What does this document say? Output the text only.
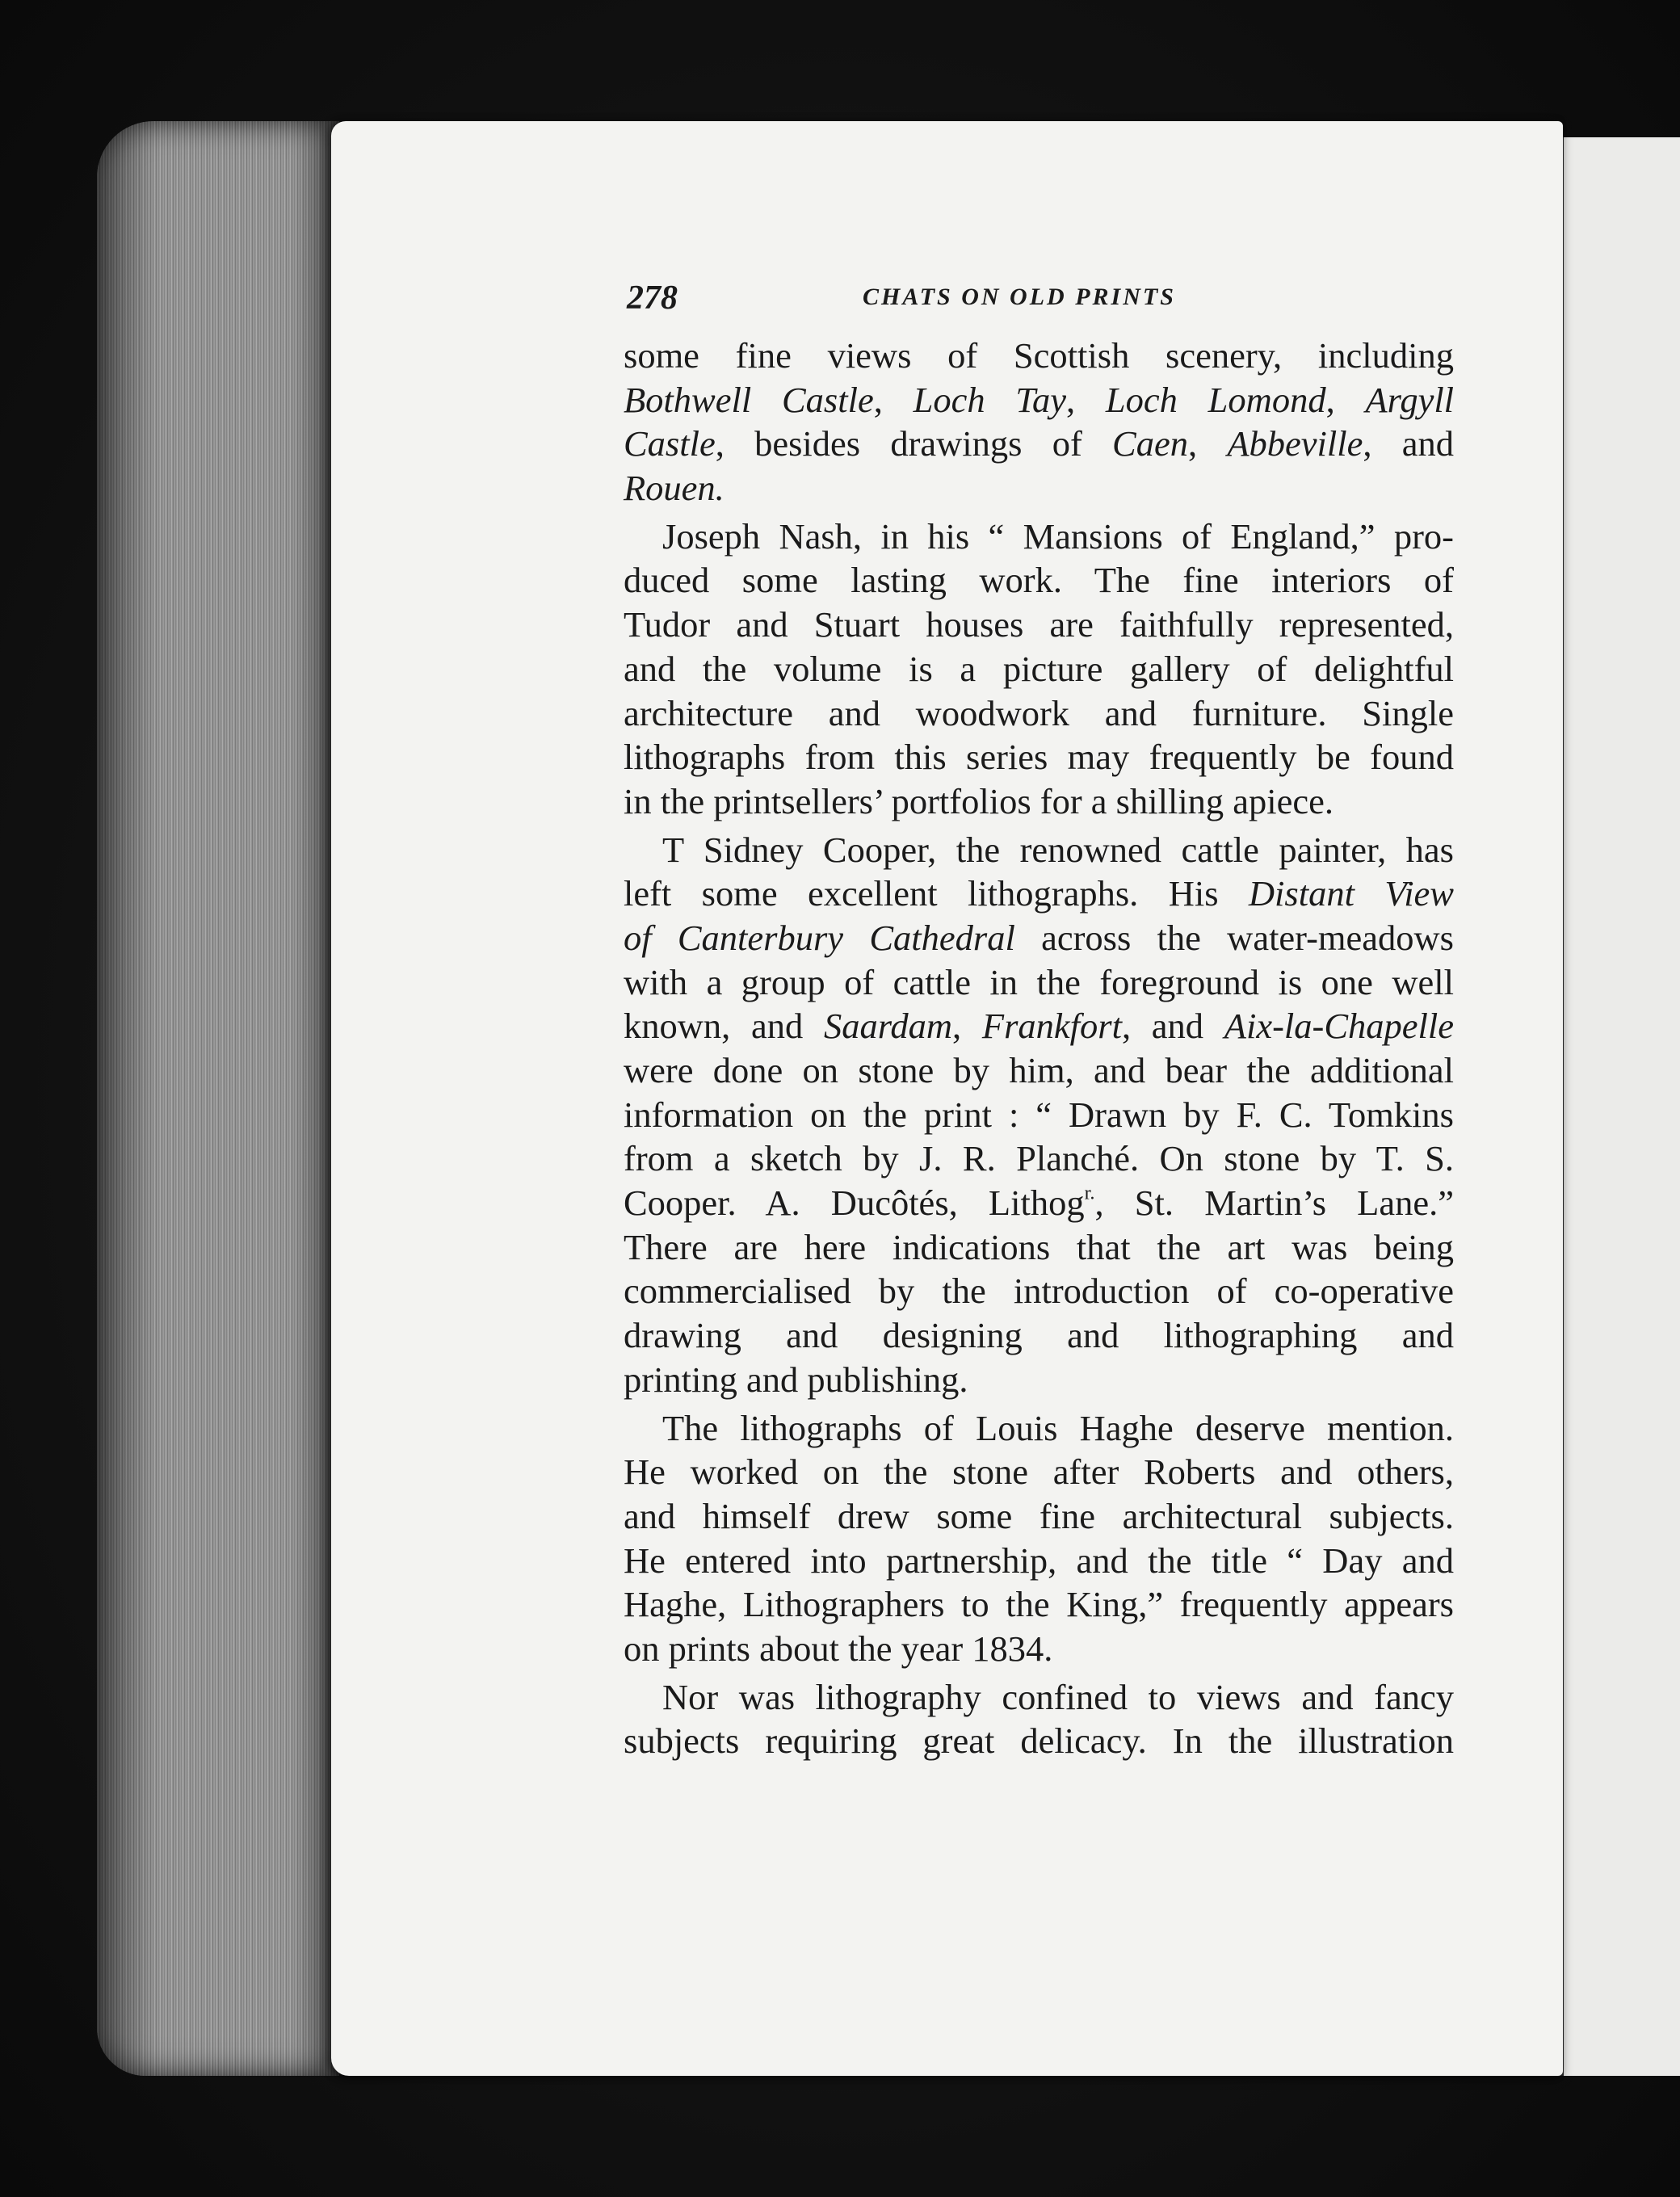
278	CHATS ON OLD PRINTS
some fine views of Scottish scenery, including
Bothwell Castle, Loch Tay, Loch Lomond, Argyll
Castle, besides drawings of Caen, Abbeville, and
Rouen.
Joseph Nash, in his “ Mansions of England,” pro-
duced some lasting work. The fine interiors of
Tudor and Stuart houses are faithfully represented,
and the volume is a picture gallery of delightful
architecture and woodwork and furniture. Single
lithographs from this series may frequently be found
in the printsellers’ portfolios for a shilling apiece.
T Sidney Cooper, the renowned cattle painter, has
left some excellent lithographs. His Distant View
of Canterbury Cathedral across the water-meadows
with a group of cattle in the foreground is one well
known, and Saardam, Frankfort, and Aix-la-Chapelle
were done on stone by him, and bear the additional
information on the print : “ Drawn by F. C. Tomkins
from a sketch by J. R. Planché. On stone by T. S.
Cooper. A. Ducôtés, Lithog$^{r.}$, St. Martin’s Lane.”
There are here indications that the art was being
commercialised by the introduction of co-operative
drawing and designing and lithographing and
printing and publishing.
The lithographs of Louis Haghe deserve mention.
He worked on the stone after Roberts and others,
and himself drew some fine architectural subjects.
He entered into partnership, and the title “ Day and
Haghe, Lithographers to the King,” frequently appears
on prints about the year 1834.
Nor was lithography confined to views and fancy
subjects requiring great delicacy. In the illustration
